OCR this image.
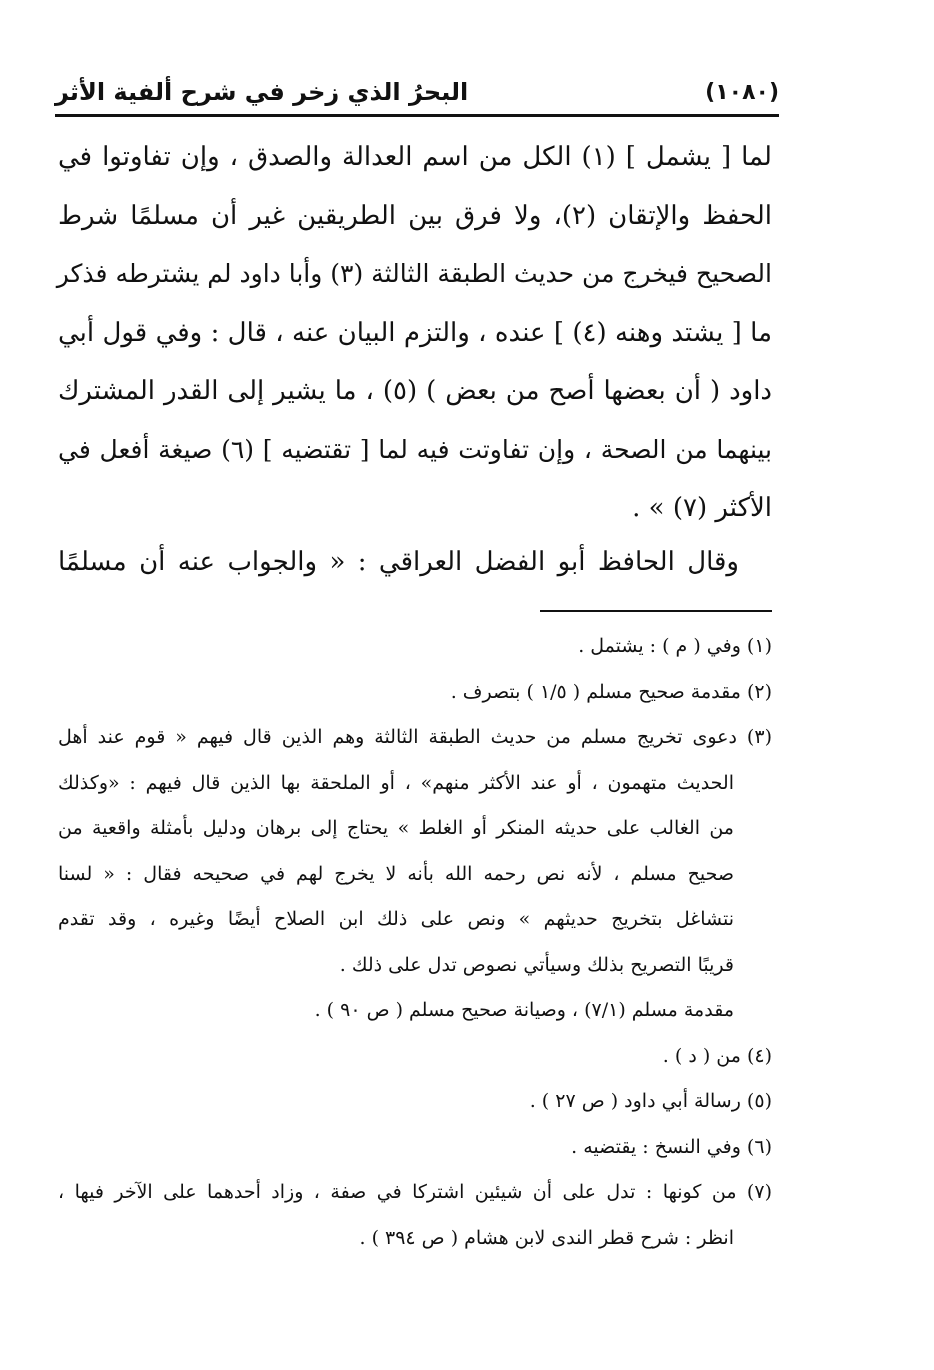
(١٠٨٠)
البحرُ الذي زخر في شرح ألفية الأثر
لما [ يشمل ] (١) الكل من اسم العدالة والصدق ، وإن تفاوتوا في
الحفظ والإتقان (٢)، ولا فرق بين الطريقين غير أن مسلمًا شرط
الصحيح فيخرج من حديث الطبقة الثالثة (٣) وأبا داود لم يشترطه فذكر
ما [ يشتد وهنه (٤) ] عنده ، والتزم البيان عنه ، قال : وفي قول أبي
داود ( أن بعضها أصح من بعض ) (٥) ، ما يشير إلى القدر المشترك
بينهما من الصحة ، وإن تفاوتت فيه لما [ تقتضيه ] (٦) صيغة أفعل في
الأكثر (٧) » .
وقال الحافظ أبو الفضل العراقي : « والجواب عنه أن مسلمًا
(١) وفي ( م ) : يشتمل .
(٢) مقدمة صحيح مسلم ( ١/٥ ) بتصرف .
(٣) دعوى تخريج مسلم من حديث الطبقة الثالثة وهم الذين قال فيهم « قوم عند أهل
الحديث متهمون ، أو عند الأكثر منهم» ، أو الملحقة بها الذين قال فيهم : «وكذلك
من الغالب على حديثه المنكر أو الغلط » يحتاج إلى برهان ودليل بأمثلة واقعية من
صحيح مسلم ، لأنه نص رحمه الله بأنه لا يخرج لهم في صحيحه فقال : « لسنا
نتشاغل بتخريج حديثهم » ونص على ذلك ابن الصلاح أيضًا وغيره ، وقد تقدم
قريبًا التصريح بذلك وسيأتي نصوص تدل على ذلك .
مقدمة مسلم (٧/١) ، وصيانة صحيح مسلم ( ص ٩٠ ) .
(٤) من ( د ) .
(٥) رسالة أبي داود ( ص ٢٧ ) .
(٦) وفي النسخ : يقتضيه .
(٧) من كونها : تدل على أن شيئين اشتركا في صفة ، وزاد أحدهما على الآخر فيها ،
انظر : شرح قطر الندى لابن هشام ( ص ٣٩٤ ) .
